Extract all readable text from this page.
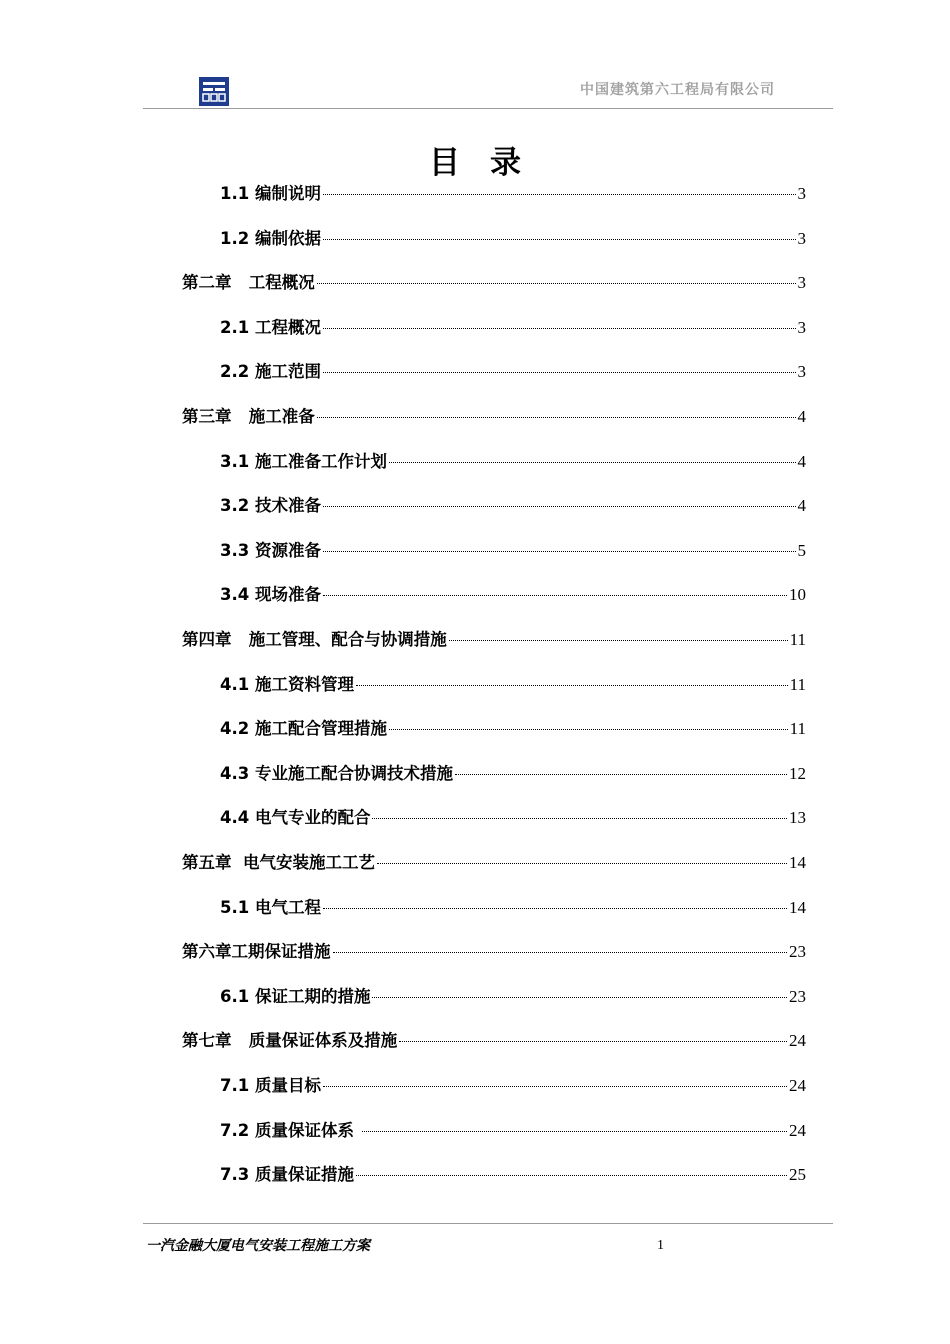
中国建筑第六工程局有限公司
目 录
1.1 编制说明	3
1.2 编制依据	3
第二章   工程概况	3
2.1 工程概况	3
2.2 施工范围	3
第三章   施工准备	4
3.1 施工准备工作计划	4
3.2 技术准备	4
3.3 资源准备	5
3.4 现场准备	10
第四章   施工管理、配合与协调措施	11
4.1 施工资料管理	11
4.2 施工配合管理措施	11
4.3 专业施工配合协调技术措施	12
4.4 电气专业的配合	13
第五章  电气安装施工工艺	14
5.1 电气工程	14
第六章工期保证措施	23
6.1 保证工期的措施	23
第七章   质量保证体系及措施	24
7.1 质量目标	24
7.2 质量保证体系	24
7.3 质量保证措施	25
一汽金融大厦电气安装工程施工方案	1
